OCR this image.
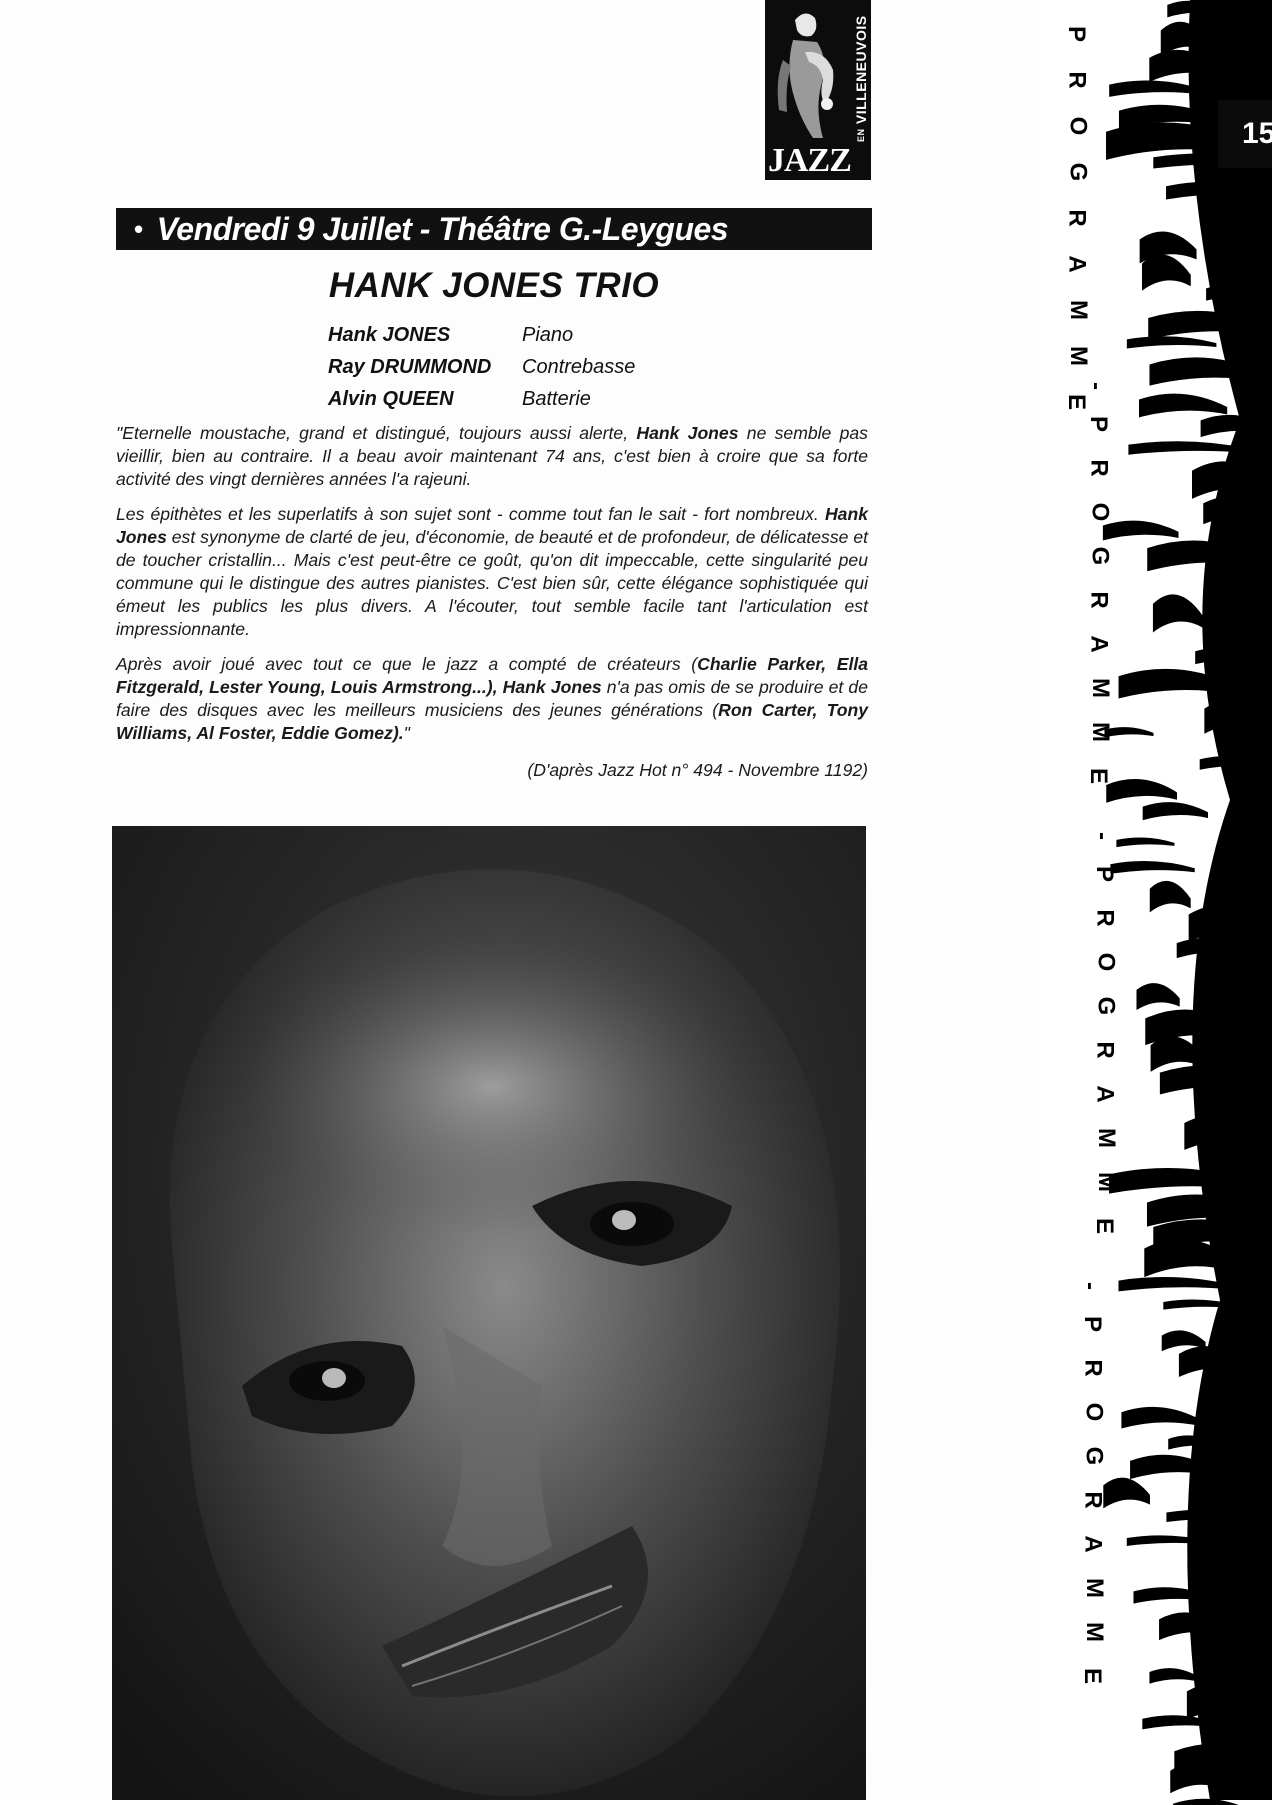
EN VILLENEUVOIS
JAZZ
• Vendredi 9 Juillet - Théâtre G.-Leygues
HANK JONES TRIO
Hank JONES	Piano
Ray DRUMMOND	Contrebasse
Alvin QUEEN	Batterie

"Eternelle moustache, grand et distingué, toujours aussi alerte, Hank Jones ne semble pas vieillir, bien au contraire. Il a beau avoir maintenant 74 ans, c'est bien à croire que sa forte activité des vingt dernières années l'a rajeuni.

Les épithètes et les superlatifs à son sujet sont - comme tout fan le sait - fort nombreux. Hank Jones est synonyme de clarté de jeu, d'économie, de beauté et de profondeur, de délicatesse et de toucher cristallin... Mais c'est peut-être ce goût, qu'on dit impeccable, cette singularité peu commune qui le distingue des autres pianistes. C'est bien sûr, cette élégance sophistiquée qui émeut les publics les plus divers. A l'écouter, tout semble facile tant l'articulation est impressionnante.

Après avoir joué avec tout ce que le jazz a compté de créateurs (Charlie Parker, Ella Fitzgerald, Lester Young, Louis Armstrong...), Hank Jones n'a pas omis de se produire et de faire des disques avec les meilleurs musiciens des jeunes générations (Ron Carter, Tony Williams, Al Foster, Eddie Gomez)."

(D'après Jazz Hot n° 494 - Novembre 1192)

15
P
R
O
G
R
A
M
M
E
-
P
R
O
G
R
A
M
M
E
-
P
R
O
G
R
A
M
M
E
-
P
R
O
G
R
A
M
M
E
